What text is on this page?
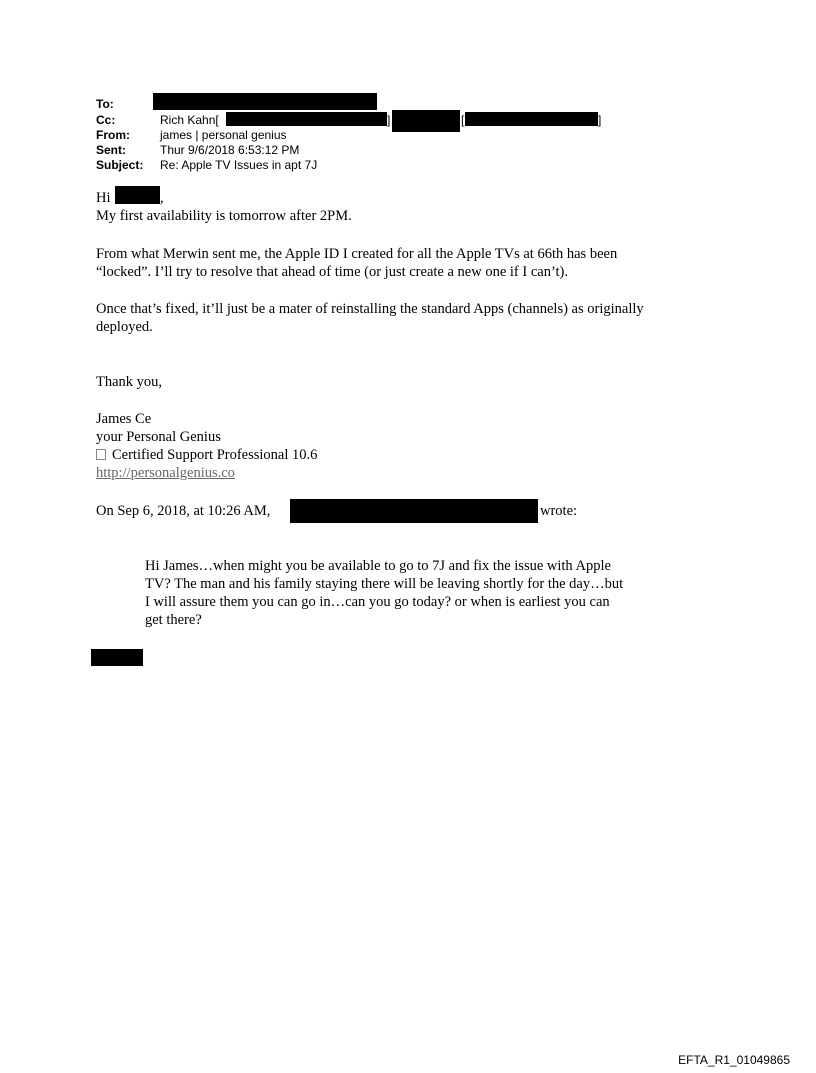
To:
Cc:	Rich Kahn[	]	[	]
From:	james | personal genius
Sent:	Thur 9/6/2018 6:53:12 PM
Subject: Re: Apple TV Issues in apt 7J
Hi	,
My first availability is tomorrow after 2PM.
From what Merwin sent me, the Apple ID I created for all the Apple TVs at 66th has been
“locked”. I’ll try to resolve that ahead of time (or just create a new one if I can’t).
Once that’s fixed, it’ll just be a mater of reinstalling the standard Apps (channels) as originally
deployed.
Thank you,
James Ce
your Personal Genius
Certified Support Professional 10.6
http://personalgenius.co
On Sep 6, 2018, at 10:26 AM,	wrote:
Hi James…when might you be available to go to 7J and fix the issue with Apple
TV? The man and his family staying there will be leaving shortly for the day…but
I will assure them you can go in…can you go today? or when is earliest you can
get there?
EFTA_R1_01049865
